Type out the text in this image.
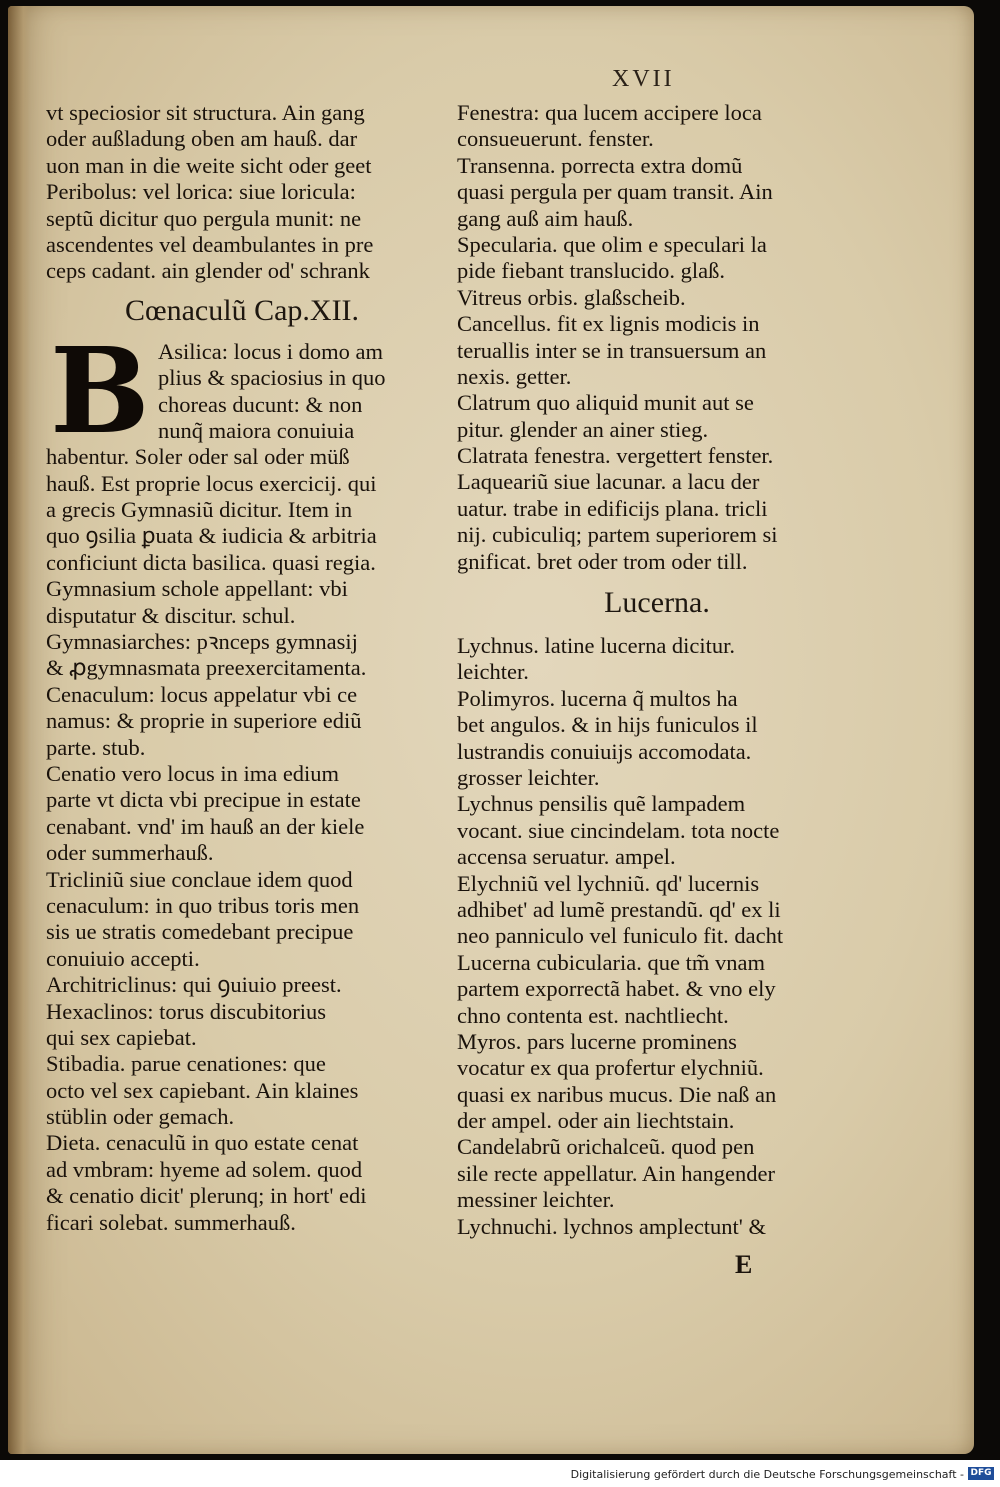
XVII
vt speciosior sit structura. Ain gang
oder außladung oben am hauß. dar
uon man in die weite sicht oder geet
Peribolus: vel lorica: siue loricula:
septũ dicitur quo pergula munit: ne
ascendentes vel deambulantes in pre
ceps cadant. ain glender od' schrank
Cœnaculũ Cap.XII.
B Asilica: locus i domo am
plius & spaciosius in quo
choreas ducunt: & non
nunq̃ maiora conuiuia
habentur. Soler oder sal oder müß
hauß. Est proprie locus exercicij. qui
a grecis Gymnasiũ dicitur. Item in
quo ꝯsilia ꝑuata & iudicia & arbitria
conficiunt dicta basilica. quasi regia.
Gymnasium schole appellant: vbi
disputatur & discitur. schul.
Gymnasiarches: pꝛnceps gymnasij
& ꝓgymnasmata preexercitamenta.
Cenaculum: locus appelatur vbi ce
namus: & proprie in superiore ediũ
parte. stub.
Cenatio vero locus in ima edium
parte vt dicta vbi precipue in estate
cenabant. vnd' im hauß an der kiele
oder summerhauß.
Tricliniũ siue conclaue idem quod
cenaculum: in quo tribus toris men
sis ue stratis comedebant precipue
conuiuio accepti.
Architriclinus: qui ꝯuiuio preest.
Hexaclinos: torus discubitorius
qui sex capiebat.
Stibadia. parue cenationes: que
octo vel sex capiebant. Ain klaines
stüblin oder gemach.
Dieta. cenaculũ in quo estate cenat
ad vmbram: hyeme ad solem. quod
& cenatio dicit' plerunq; in hort' edi
ficari solebat. summerhauß.
Fenestra: qua lucem accipere loca
consueuerunt. fenster.
Transenna. porrecta extra domũ
quasi pergula per quam transit. Ain
gang auß aim hauß.
Specularia. que olim e speculari la
pide fiebant translucido. glaß.
Vitreus orbis. glaßscheib.
Cancellus. fit ex lignis modicis in
teruallis inter se in transuersum an
nexis. getter.
Clatrum quo aliquid munit aut se
pitur. glender an ainer stieg.
Clatrata fenestra. vergettert fenster.
Laqueariũ siue lacunar. a lacu der
uatur. trabe in edificijs plana. tricli
nij. cubiculiq; partem superiorem si
gnificat. bret oder trom oder till.
Lucerna.
Lychnus. latine lucerna dicitur.
leichter.
Polimyros. lucerna q̃ multos ha
bet angulos. & in hijs funiculos il
lustrandis conuiuijs accomodata.
grosser leichter.
Lychnus pensilis quẽ lampadem
vocant. siue cincindelam. tota nocte
accensa seruatur. ampel.
Elychniũ vel lychniũ. qd' lucernis
adhibet' ad lumẽ prestandũ. qd' ex li
neo panniculo vel funiculo fit. dacht
Lucerna cubicularia. que tm̃ vnam
partem exporrectã habet. & vno ely
chno contenta est. nachtliecht.
Myros. pars lucerne prominens
vocatur ex qua profertur elychniũ.
quasi ex naribus mucus. Die naß an
der ampel. oder ain liechtstain.
Candelabrũ orichalceũ. quod pen
sile recte appellatur. Ain hangender
messiner leichter.
Lychnuchi. lychnos amplectunt' &
E
Digitalisierung gefördert durch die Deutsche Forschungsgemeinschaft - DFG
